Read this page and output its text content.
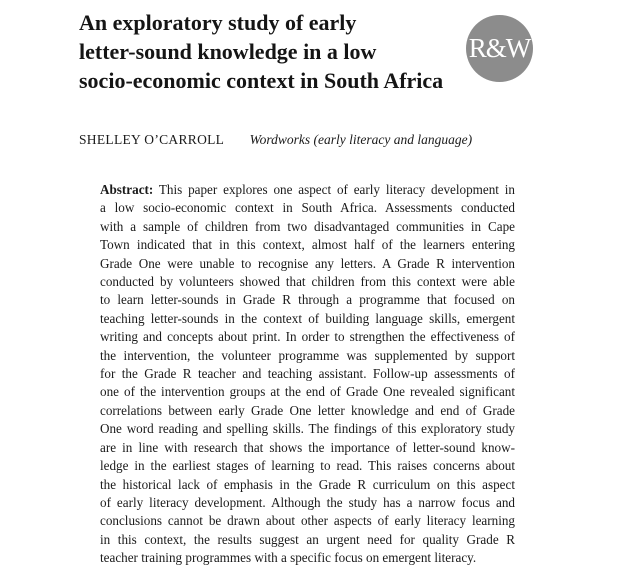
An exploratory study of early
letter-sound knowledge in a low
socio-economic context in South Africa
R&W
SHELLEY O’CARROLL Wordworks (early literacy and language)
Abstract: This paper explores one aspect of early literacy development in
a low socio-economic context in South Africa. Assessments conducted
with a sample of children from two disadvantaged communities in Cape
Town indicated that in this context, almost half of the learners entering
Grade One were unable to recognise any letters. A Grade R intervention
conducted by volunteers showed that children from this context were able
to learn letter-sounds in Grade R through a programme that focused on
teaching letter-sounds in the context of building language skills, emergent
writing and concepts about print. In order to strengthen the effectiveness of
the intervention, the volunteer programme was supplemented by support
for the Grade R teacher and teaching assistant. Follow-up assessments of
one of the intervention groups at the end of Grade One revealed significant
correlations between early Grade One letter knowledge and end of Grade
One word reading and spelling skills. The findings of this exploratory study
are in line with research that shows the importance of letter-sound know-
ledge in the earliest stages of learning to read. This raises concerns about
the historical lack of emphasis in the Grade R curriculum on this aspect
of early literacy development. Although the study has a narrow focus and
conclusions cannot be drawn about other aspects of early literacy learning
in this context, the results suggest an urgent need for quality Grade R
teacher training programmes with a specific focus on emergent literacy.
